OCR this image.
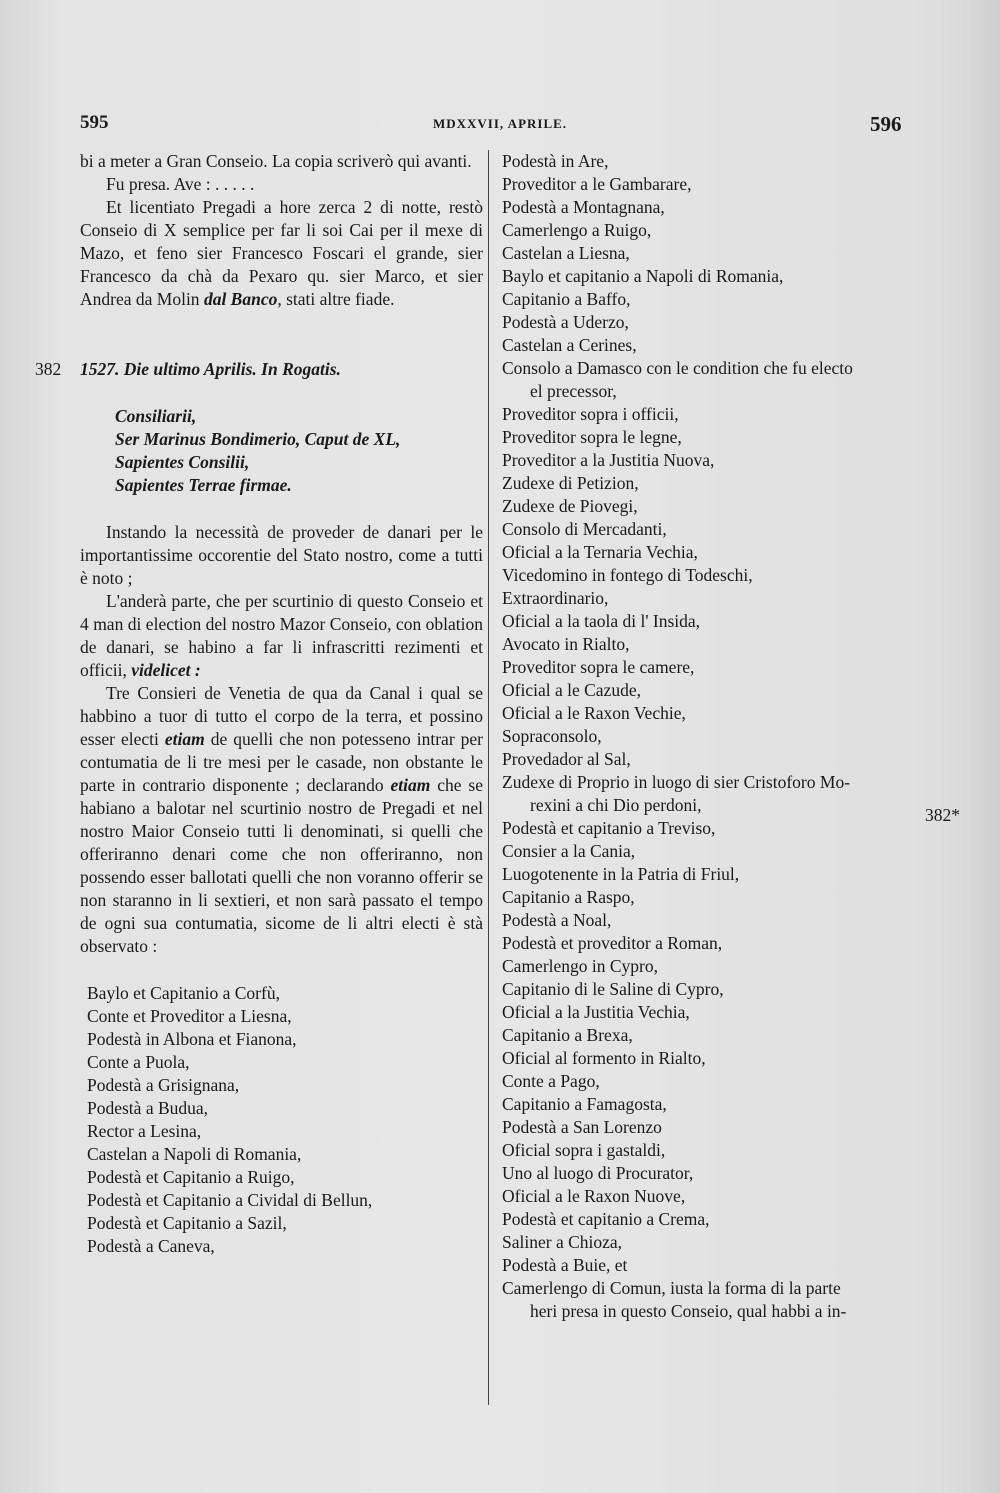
595	MDXXVII, APRILE.	596

bi a meter a Gran Conseio. La copia scriverò qui avanti.

Fu presa. Ave : . . . . .

Et licentiato Pregadi a hore zerca 2 di notte, restò Conseio di X semplice per far li soi Cai per il mexe di Mazo, et feno sier Francesco Foscari el grande, sier Francesco da chà da Pexaro qu. sier Marco, et sier Andrea da Molin dal Banco, stati altre fiade.

382 1527. Die ultimo Aprilis. In Rogatis.

Consiliarii,

Ser Marinus Bondimerio, Caput de XL,

Sapientes Consilii,

Sapientes Terrae firmae.

Instando la necessità de proveder de danari per le importantissime occorentie del Stato nostro, come a tutti è noto ;

L'anderà parte, che per scurtinio di questo Conseio et 4 man di election del nostro Mazor Conseio, con oblation de danari, se habino a far li infrascritti rezimenti et officii, videlicet :

Tre Consieri de Venetia de qua da Canal i qual se habbino a tuor di tutto el corpo de la terra, et possino esser electi etiam de quelli che non potesseno intrar per contumatia de li tre mesi per le casade, non obstante le parte in contrario disponente ; declarando etiam che se habiano a balotar nel scurtinio nostro de Pregadi et nel nostro Maior Conseio tutti li denominati, si quelli che offeriranno denari come che non offeriranno, non possendo esser ballotati quelli che non voranno offerir se non staranno in li sextieri, et non sarà passato el tempo de ogni sua contumatia, sicome de li altri electi è stà observato :

Baylo et Capitanio a Corfù,
Conte et Proveditor a Liesna,
Podestà in Albona et Fianona,
Conte a Puola,
Podestà a Grisignana,
Podestà a Budua,
Rector a Lesina,
Castelan a Napoli di Romania,
Podestà et Capitanio a Ruigo,
Podestà et Capitanio a Cividal di Bellun,
Podestà et Capitanio a Sazil,
Podestà a Caneva,
Podestà in Are,
Proveditor a le Gambarare,
Podestà a Montagnana,
Camerlengo a Ruigo,
Castelan a Liesna,
Baylo et capitanio a Napoli di Romania,
Capitanio a Baffo,
Podestà a Uderzo,
Castelan a Cerines,
Consolo a Damasco con le condition che fu electo
el precessor,
Proveditor sopra i officii,
Proveditor sopra le legne,
Proveditor a la Justitia Nuova,
Zudexe di Petizion,
Zudexe de Piovegi,
Consolo di Mercadanti,
Oficial a la Ternaria Vechia,
Vicedomino in fontego di Todeschi,
Extraordinario,
Oficial a la taola di l' Insida,
Avocato in Rialto,
Proveditor sopra le camere,
Oficial a le Cazude,
Oficial a le Raxon Vechie,
Sopraconsolo,
Provedador al Sal,
Zudexe di Proprio in luogo di sier Cristoforo Mo-
rexini a chi Dio perdoni,
Podestà et capitanio a Treviso,
Consier a la Cania,
Luogotenente in la Patria di Friul,
Capitanio a Raspo,
Podestà a Noal,
Podestà et proveditor a Roman,
Camerlengo in Cypro,
Capitanio di le Saline di Cypro,
Oficial a la Justitia Vechia,
Capitanio a Brexa,
Oficial al formento in Rialto,
Conte a Pago,
Capitanio a Famagosta,
Podestà a San Lorenzo
Oficial sopra i gastaldi,
Uno al luogo di Procurator,
Oficial a le Raxon Nuove,
Podestà et capitanio a Crema,
Saliner a Chioza,
Podestà a Buie, et
Camerlengo di Comun, iusta la forma di la parte
heri presa in questo Conseio, qual habbi a in-
382*
